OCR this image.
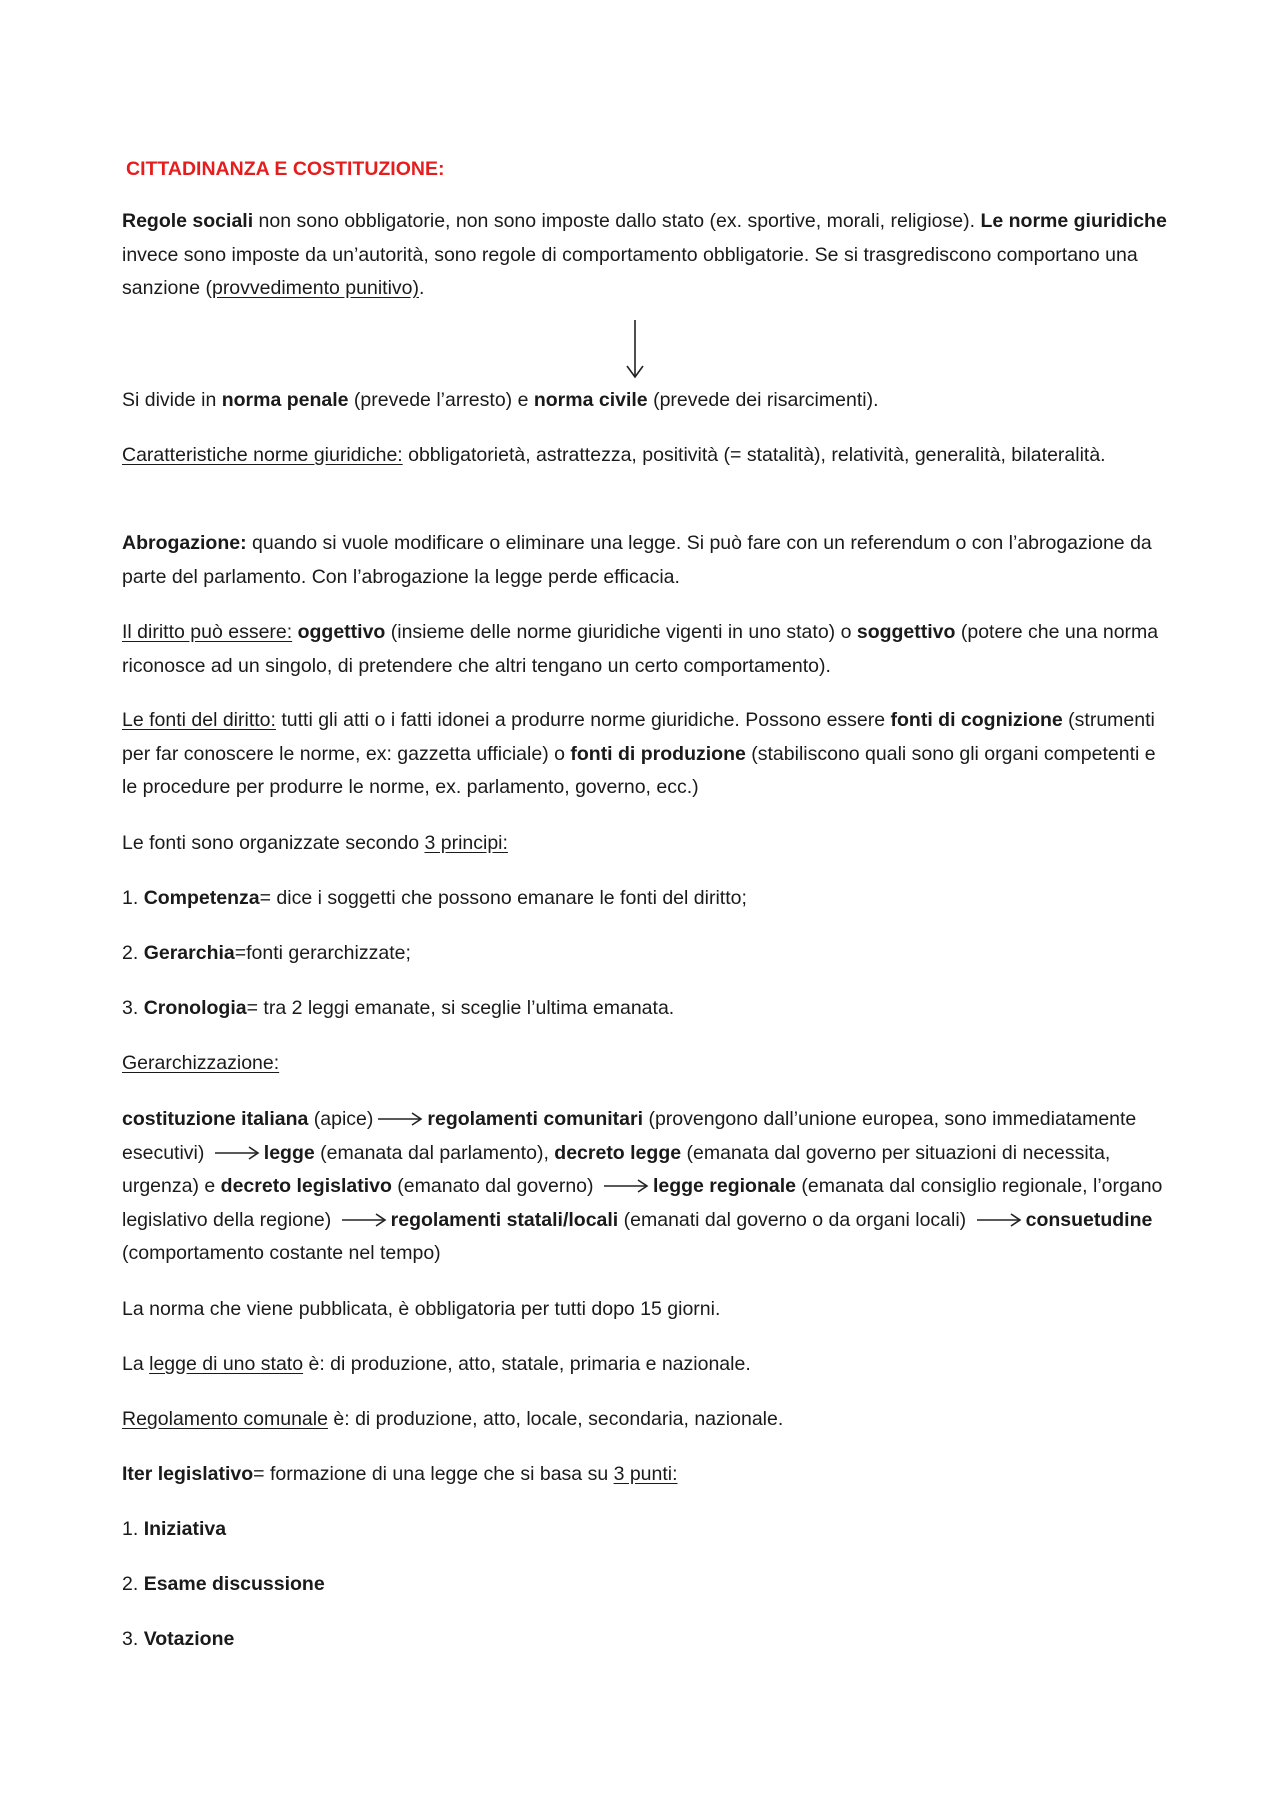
CITTADINANZA E COSTITUZIONE:

Regole sociali non sono obbligatorie, non sono imposte dallo stato (ex. sportive, morali, religiose). Le norme giuridiche invece sono imposte da un’autorità, sono regole di comportamento obbligatorie. Se si trasgrediscono comportano una sanzione (provvedimento punitivo).

Si divide in norma penale (prevede l’arresto) e norma civile (prevede dei risarcimenti).

Caratteristiche norme giuridiche: obbligatorietà, astrattezza, positività (= statalità), relatività, generalità, bilateralità.

Abrogazione: quando si vuole modificare o eliminare una legge. Si può fare con un referendum o con l’abrogazione da parte del parlamento. Con l’abrogazione la legge perde efficacia.

Il diritto può essere: oggettivo (insieme delle norme giuridiche vigenti in uno stato) o soggettivo (potere che una norma riconosce ad un singolo, di pretendere che altri tengano un certo comportamento).

Le fonti del diritto: tutti gli atti o i fatti idonei a produrre norme giuridiche. Possono essere fonti di cognizione (strumenti per far conoscere le norme, ex: gazzetta ufficiale) o fonti di produzione (stabiliscono quali sono gli organi competenti e le procedure per produrre le norme, ex. parlamento, governo, ecc.)

Le fonti sono organizzate secondo 3 principi:

1. Competenza= dice i soggetti che possono emanare le fonti del diritto;

2. Gerarchia=fonti gerarchizzate;

3. Cronologia= tra 2 leggi emanate, si sceglie l’ultima emanata.

Gerarchizzazione:

costituzione italiana (apice)	regolamenti comunitari (provengono dall’unione europea, sono immediatamente esecutivi)	legge (emanata dal parlamento), decreto legge (emanata dal governo per situazioni di necessita, urgenza) e decreto legislativo (emanato dal governo)	legge regionale (emanata dal consiglio regionale, l’organo legislativo della regione)	regolamenti statali/locali (emanati dal governo o da organi locali)	consuetudine (comportamento costante nel tempo)

La norma che viene pubblicata, è obbligatoria per tutti dopo 15 giorni.

La legge di uno stato è: di produzione, atto, statale, primaria e nazionale.

Regolamento comunale è: di produzione, atto, locale, secondaria, nazionale.

Iter legislativo= formazione di una legge che si basa su 3 punti:

1. Iniziativa

2. Esame discussione

3. Votazione
